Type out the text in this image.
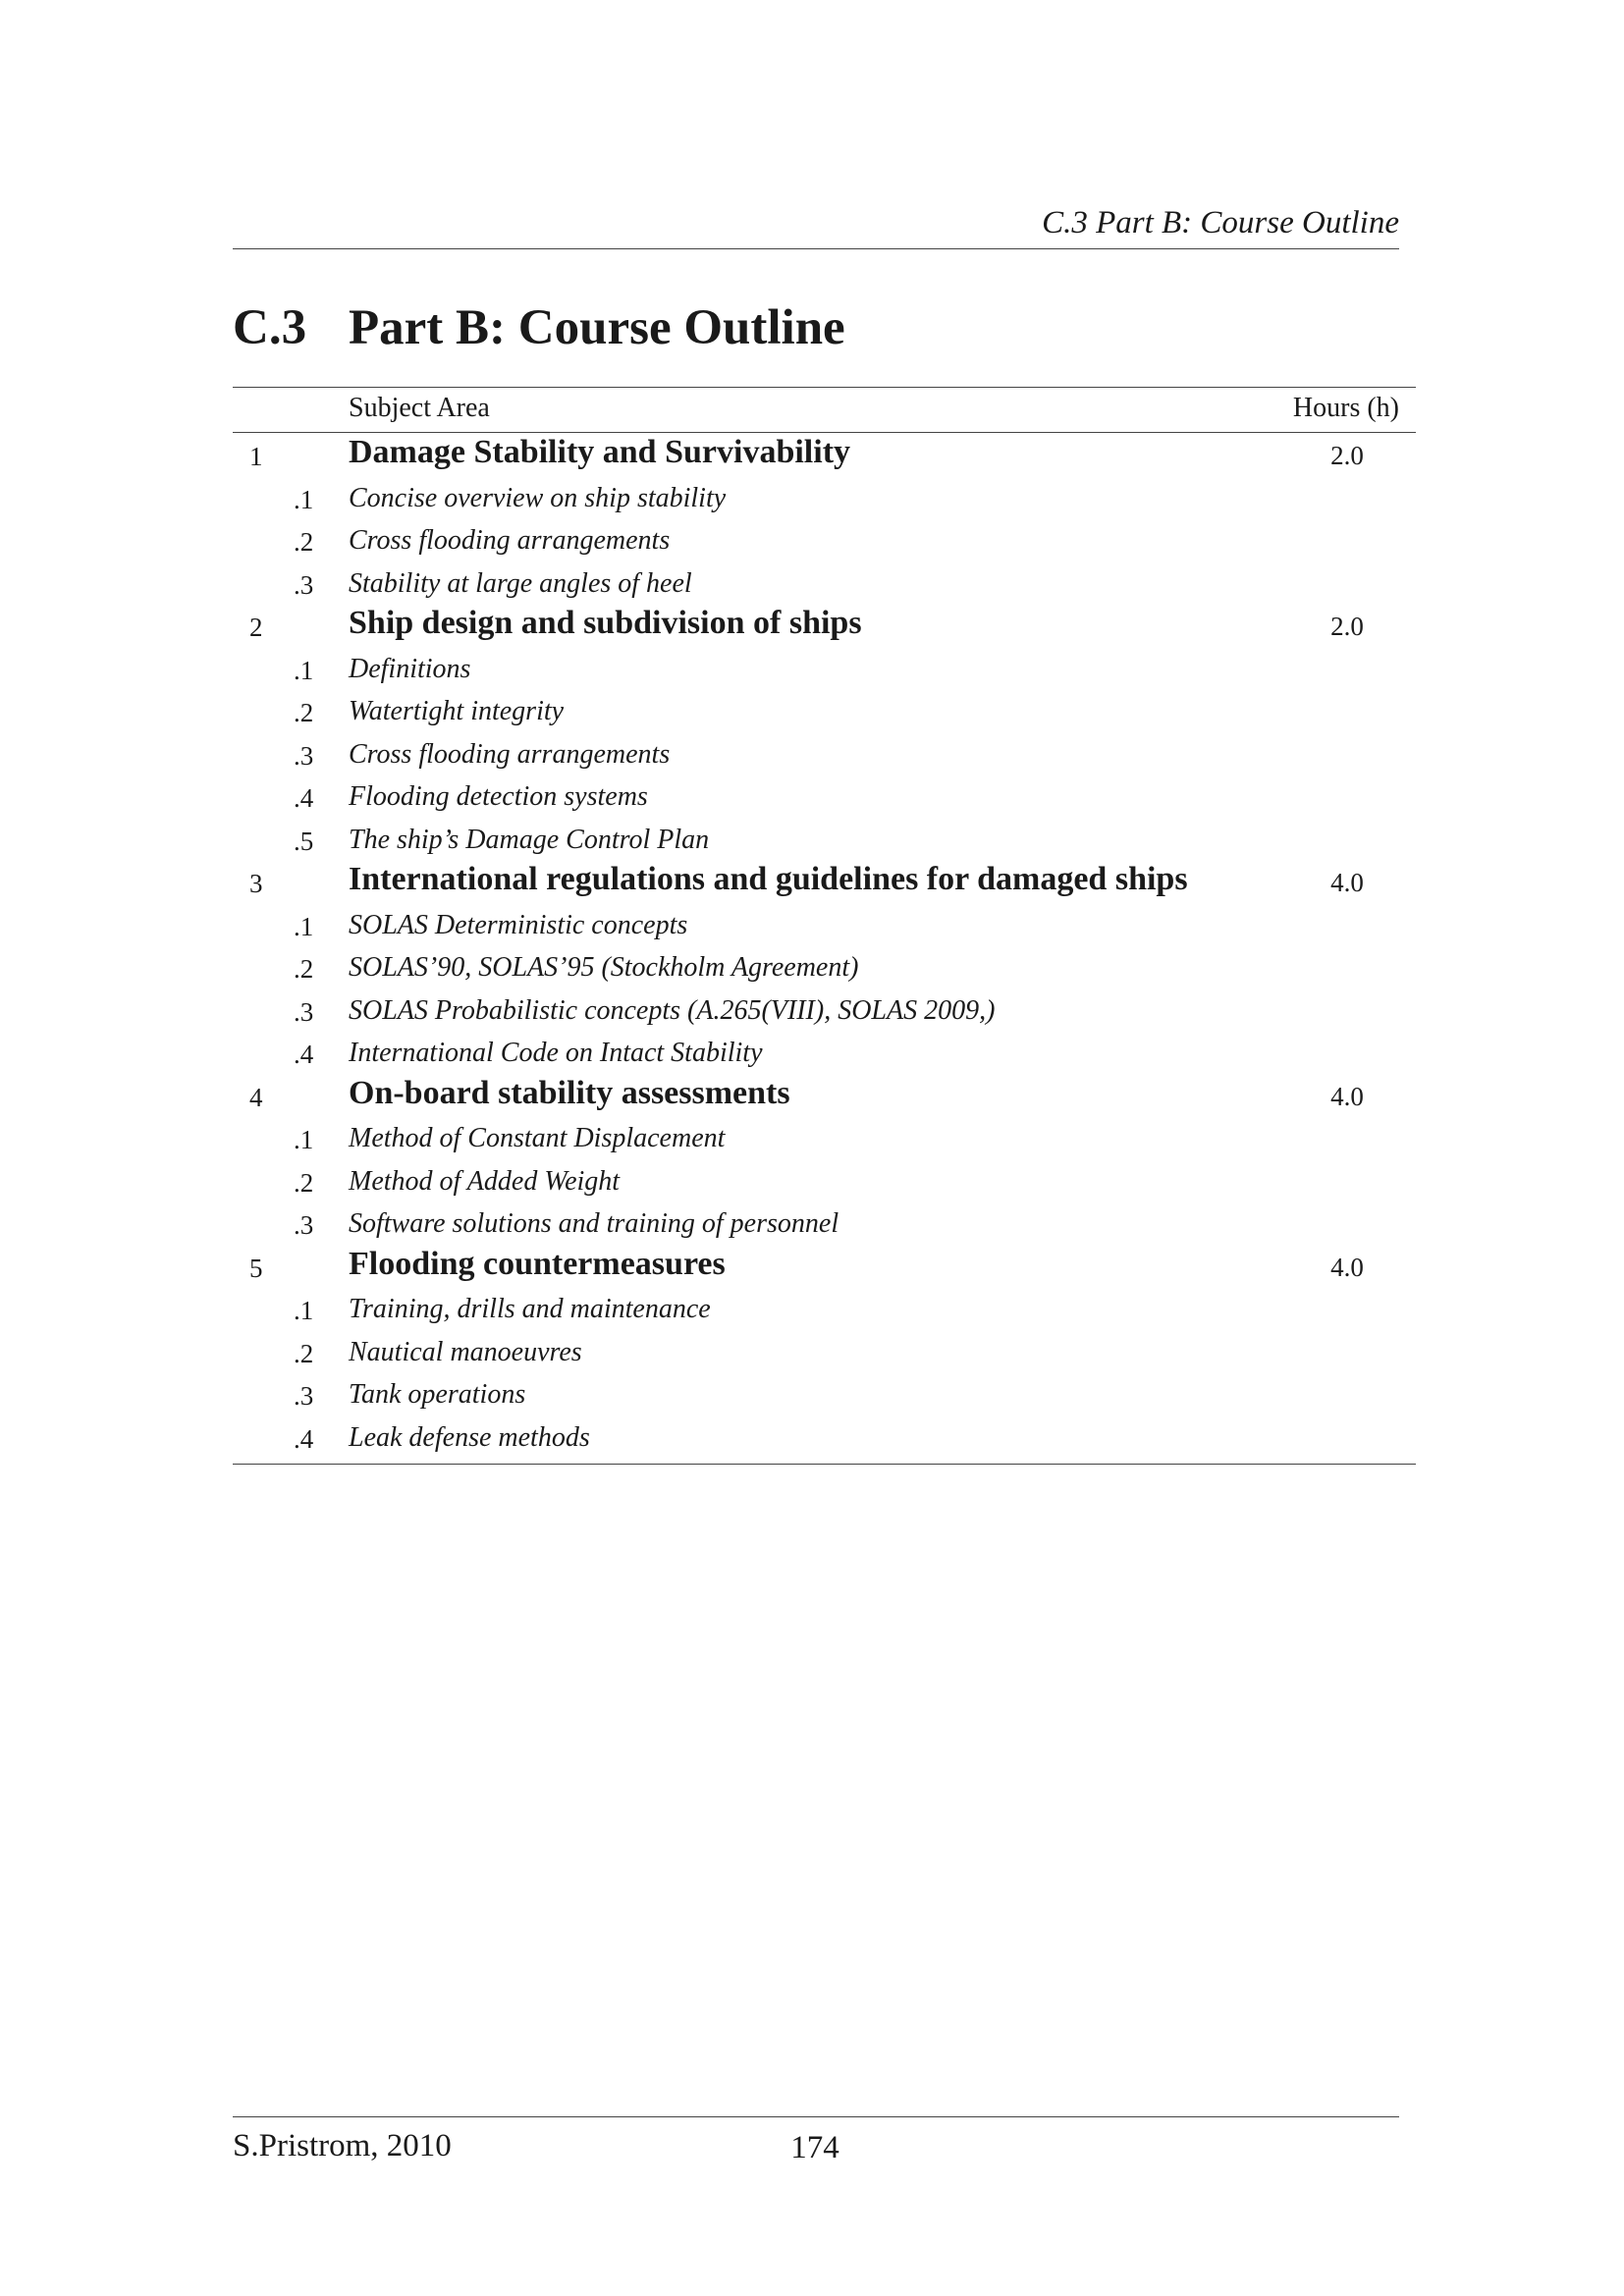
C.3 Part B: Course Outline
C.3 Part B: Course Outline
Subject Area	Hours (h)
1	Damage Stability and Survivability	2.0
.1 Concise overview on ship stability
.2 Cross flooding arrangements
.3 Stability at large angles of heel
2	Ship design and subdivision of ships	2.0
.1 Definitions
.2 Watertight integrity
.3 Cross flooding arrangements
.4 Flooding detection systems
.5 The ship’s Damage Control Plan
3	International regulations and guidelines for damaged ships	4.0
.1 SOLAS Deterministic concepts
.2 SOLAS’90, SOLAS’95 (Stockholm Agreement)
.3 SOLAS Probabilistic concepts (A.265(VIII), SOLAS 2009,)
.4 International Code on Intact Stability
4	On-board stability assessments	4.0
.1 Method of Constant Displacement
.2 Method of Added Weight
.3 Software solutions and training of personnel
5	Flooding countermeasures	4.0
.1 Training, drills and maintenance
.2 Nautical manoeuvres
.3 Tank operations
.4 Leak defense methods
S.Pristrom, 2010	174
